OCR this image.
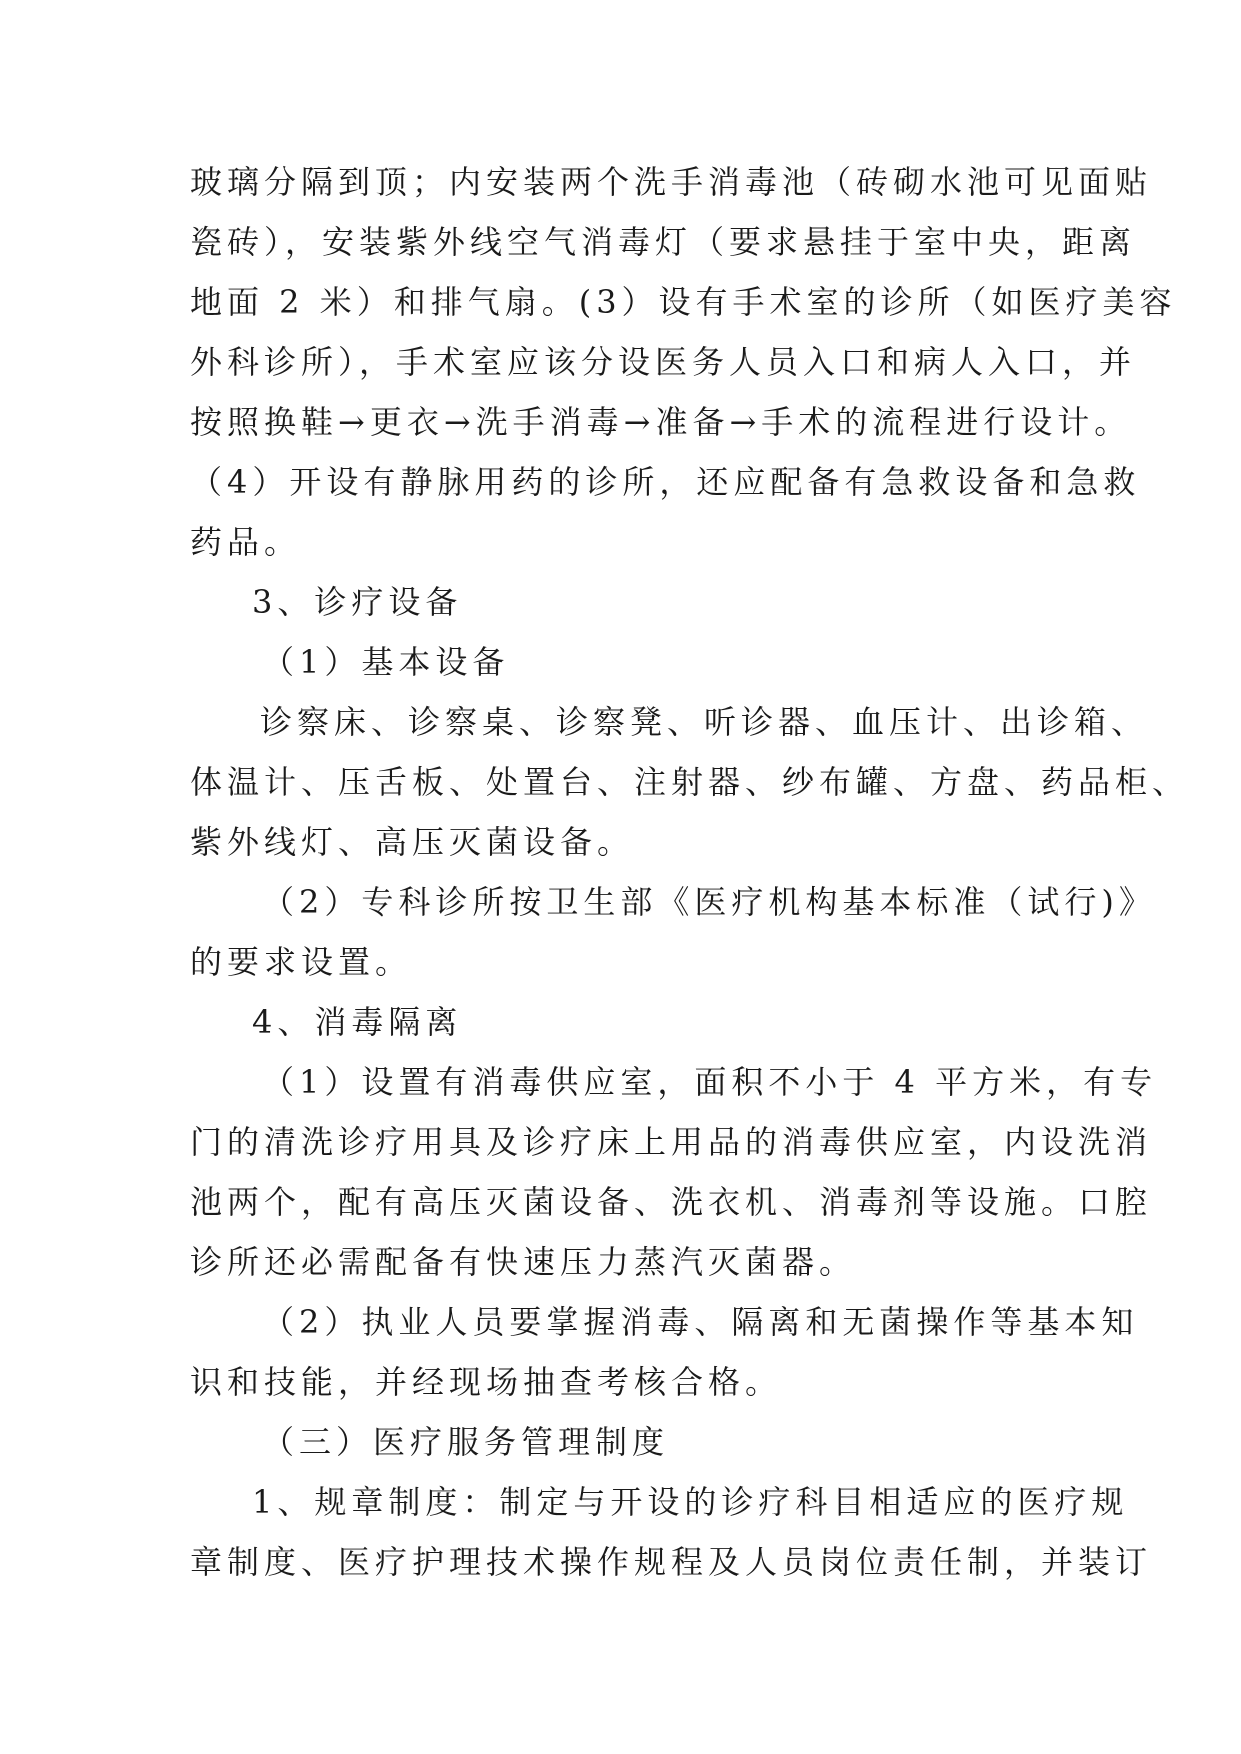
玻璃分隔到顶；内安装两个洗手消毒池（砖砌水池可见面贴
瓷砖），安装紫外线空气消毒灯（要求悬挂于室中央，距离
地面 2 米）和排气扇。(3）设有手术室的诊所（如医疗美容
外科诊所），手术室应该分设医务人员入口和病人入口，并
按照换鞋→更衣→洗手消毒→准备→手术的流程进行设计。
（4）开设有静脉用药的诊所，还应配备有急救设备和急救
药品。
3、诊疗设备
（1）基本设备
诊察床、诊察桌、诊察凳、听诊器、血压计、出诊箱、
体温计、压舌板、处置台、注射器、纱布罐、方盘、药品柜、
紫外线灯、高压灭菌设备。
（2）专科诊所按卫生部《医疗机构基本标准（试行)》
的要求设置。
4、消毒隔离
（1）设置有消毒供应室，面积不小于 4 平方米，有专
门的清洗诊疗用具及诊疗床上用品的消毒供应室，内设洗消
池两个，配有高压灭菌设备、洗衣机、消毒剂等设施。口腔
诊所还必需配备有快速压力蒸汽灭菌器。
（2）执业人员要掌握消毒、隔离和无菌操作等基本知
识和技能，并经现场抽查考核合格。
（三）医疗服务管理制度
1、规章制度：制定与开设的诊疗科目相适应的医疗规
章制度、医疗护理技术操作规程及人员岗位责任制，并装订
